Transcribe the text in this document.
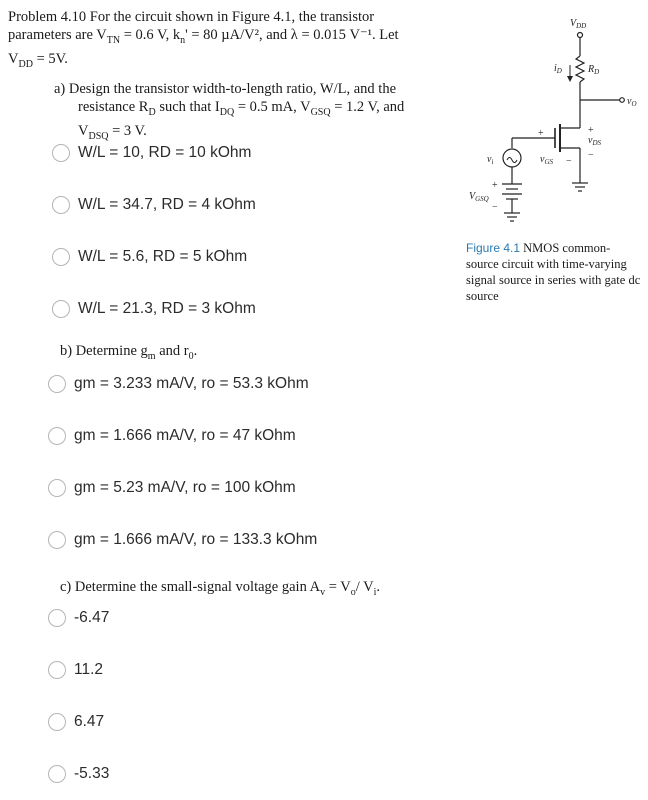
Problem 4.10 For the circuit shown in Figure 4.1, the transistor
parameters are $V_{TN} = 0.6$ V, $k_n' = 80$ µA/V², and λ = 0.015 V⁻¹. Let
$V_{DD} = 5V$.
a) Design the transistor width-to-length ratio, W/L, and the
resistance $R_D$ such that $I_{DQ} = 0.5$ mA, $V_{GSQ} = 1.2$ V, and
$V_{DSQ} = 3$ V.
W/L = 10, RD = 10 kOhm
W/L = 34.7, RD = 4 kOhm
W/L = 5.6, RD = 5 kOhm
W/L = 21.3, RD = 3 kOhm
b) Determine $g_m$ and $r_0$.
gm = 3.233 mA/V, ro = 53.3 kOhm
gm = 1.666 mA/V, ro = 47 kOhm
gm = 5.23 mA/V, ro = 100 kOhm
gm = 1.666 mA/V, ro = 133.3 kOhm
c) Determine the small-signal voltage gain $A_v = V_o/$ $V_i$.
-6.47
11.2
6.47
-5.33
$V_{DD}$
$i_D$	$R_D$
$v_O$
+
$v_{DS}$
−
+
$v_{GS}$ −
$v_i$
+
$V_{GSQ}$
−
Figure 4.1 NMOS common-source circuit with time-varying signal source in series with gate dc source
